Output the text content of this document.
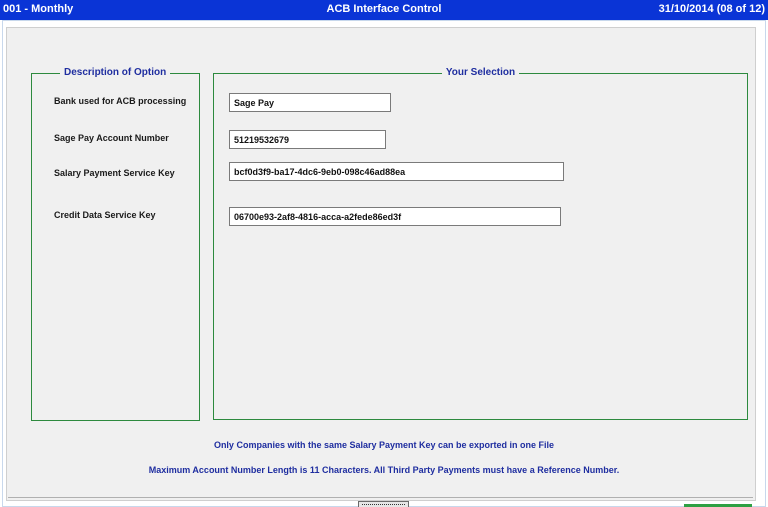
ACB Interface Control
001 - Monthly	31/10/2014 (08 of 12)
Description of Option	Your Selection
Bank used for ACB processing
Sage Pay Account Number
Salary Payment Service Key
Credit Data Service Key
Sage Pay
51219532679
bcf0d3f9-ba17-4dc6-9eb0-098c46ad88ea
06700e93-2af8-4816-acca-a2fede86ed3f
Only Companies with the same Salary Payment Key can be exported in one File
Maximum Account Number Length is 11 Characters. All Third Party Payments must have a Reference Number.
